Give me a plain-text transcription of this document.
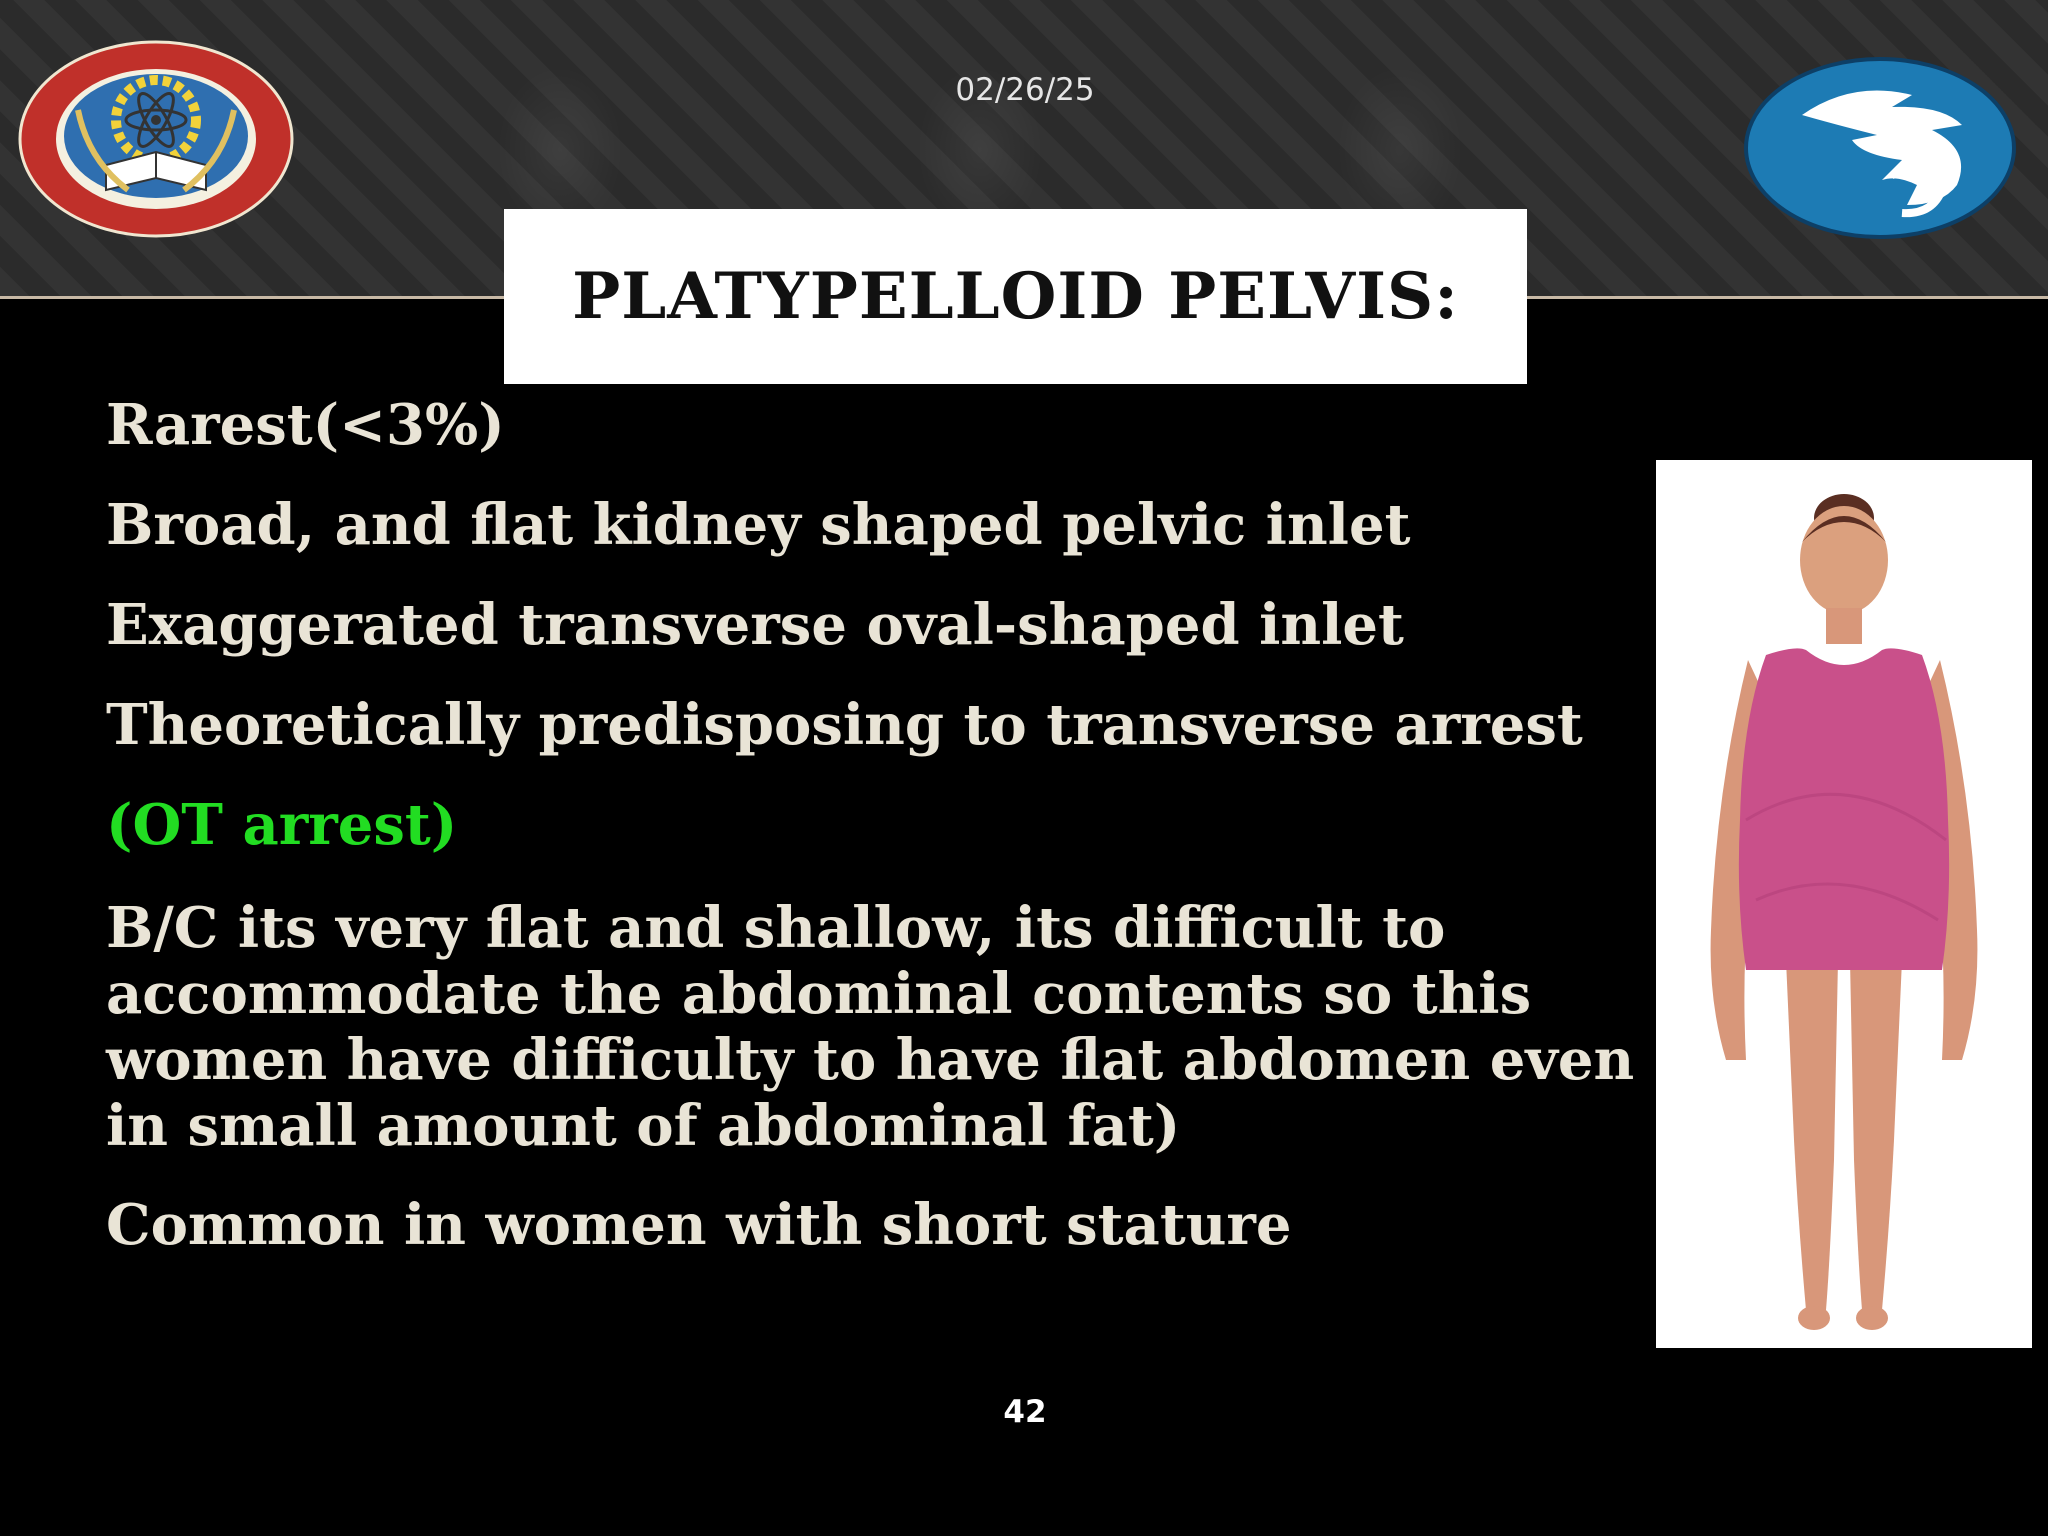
02/26/25
PLATYPELLOID PELVIS:
Rarest(<3%)
Broad, and flat kidney shaped pelvic inlet
Exaggerated transverse oval-shaped inlet
Theoretically predisposing to transverse arrest
(OT arrest)
B/C its very flat and shallow, its difficult to accommodate the abdominal contents so this women have difficulty to have flat abdomen even in small amount of abdominal fat)
Common in women with short stature
42
